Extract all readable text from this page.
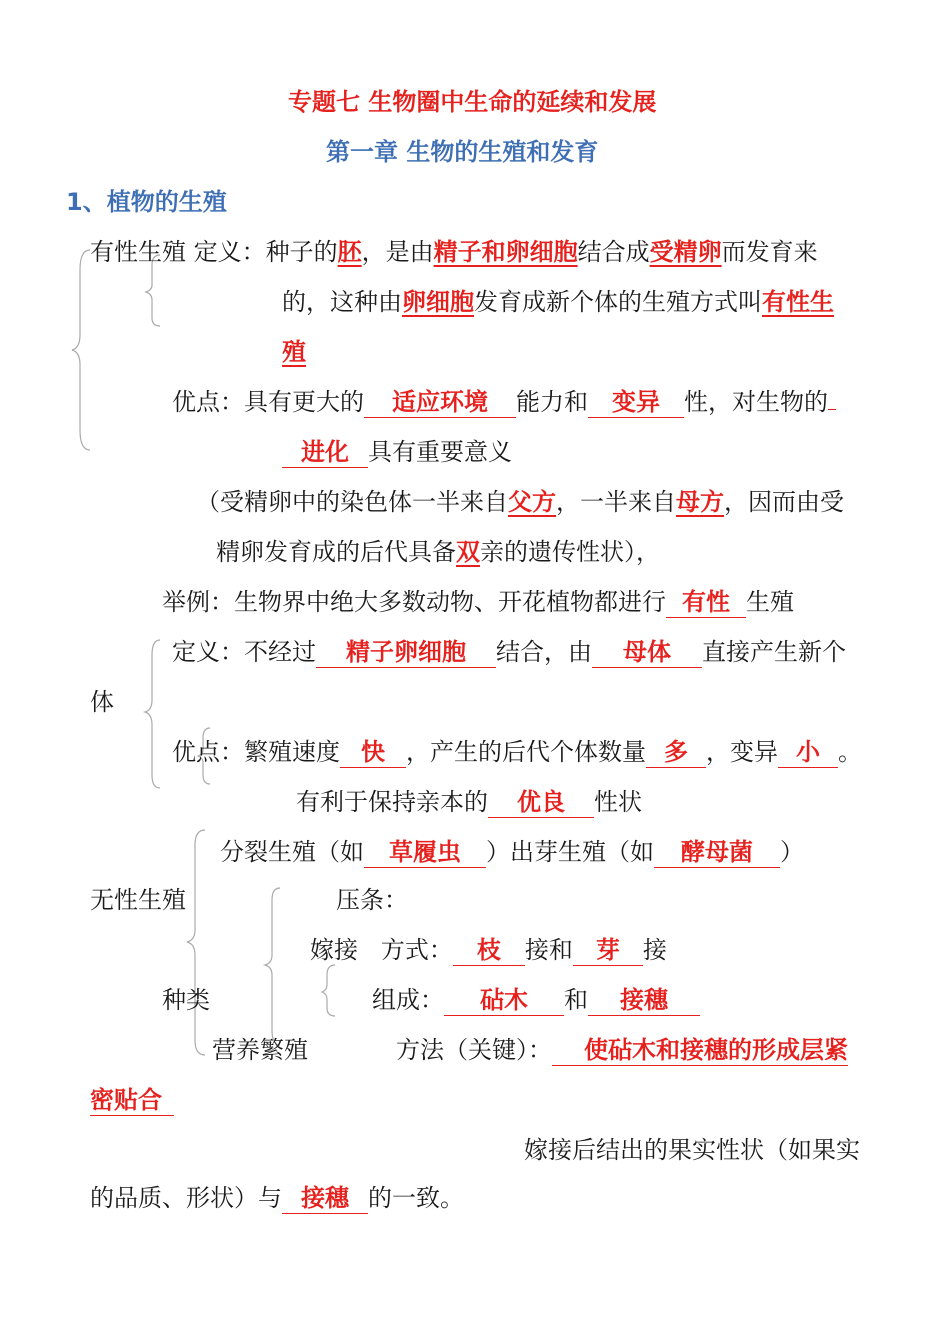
专题七 生物圈中生命的延续和发展
第一章 生物的生殖和发育
1、植物的生殖
有性生殖 定义：种子的胚，是由精子和卵细胞结合成受精卵而发育来
的，这种由卵细胞发育成新个体的生殖方式叫有性生
殖
优点：具有更大的 适应环境 能力和 变异 性，对生物的
进化 具有重要意义
（受精卵中的染色体一半来自父方，一半来自母方，因而由受
精卵发育成的后代具备双亲的遗传性状），
举例：生物界中绝大多数动物、开花植物都进行 有性 生殖
定义：不经过 精子卵细胞 结合，由 母体 直接产生新个
体
优点：繁殖速度 快 ，产生的后代个体数量 多 ，变异 小 。
有利于保持亲本的 优良 性状
分裂生殖（如 草履虫 ）出芽生殖（如 酵母菌 ）
无性生殖	压条：
嫁接 方式： 枝 接和 芽 接
种类	组成： 砧木 和 接穗
营养繁殖	方法（关键）： 使砧木和接穗的形成层紧
密贴合
嫁接后结出的果实性状（如果实
的品质、形状）与 接穗 的一致。
